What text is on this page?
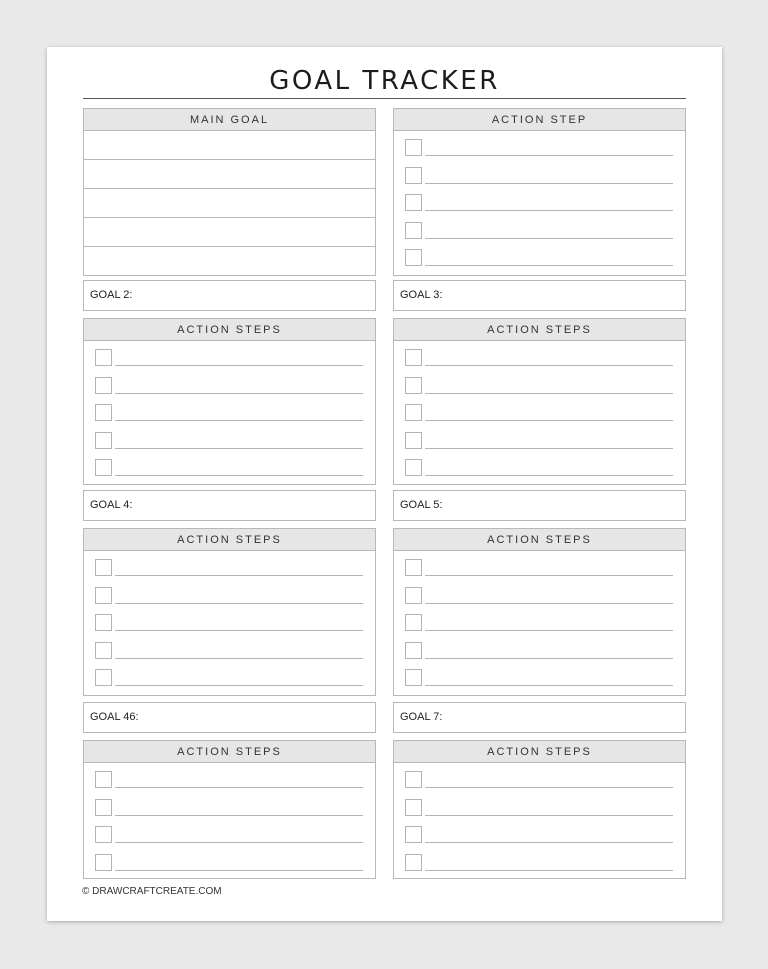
GOAL TRACKER
MAIN GOAL	ACTION STEP
GOAL 2:	GOAL 3:
ACTION STEPS	ACTION STEPS
GOAL 4:	GOAL 5:
ACTION STEPS	ACTION STEPS
GOAL 46:	GOAL 7:
ACTION STEPS	ACTION STEPS
© DRAWCRAFTCREATE.COM
